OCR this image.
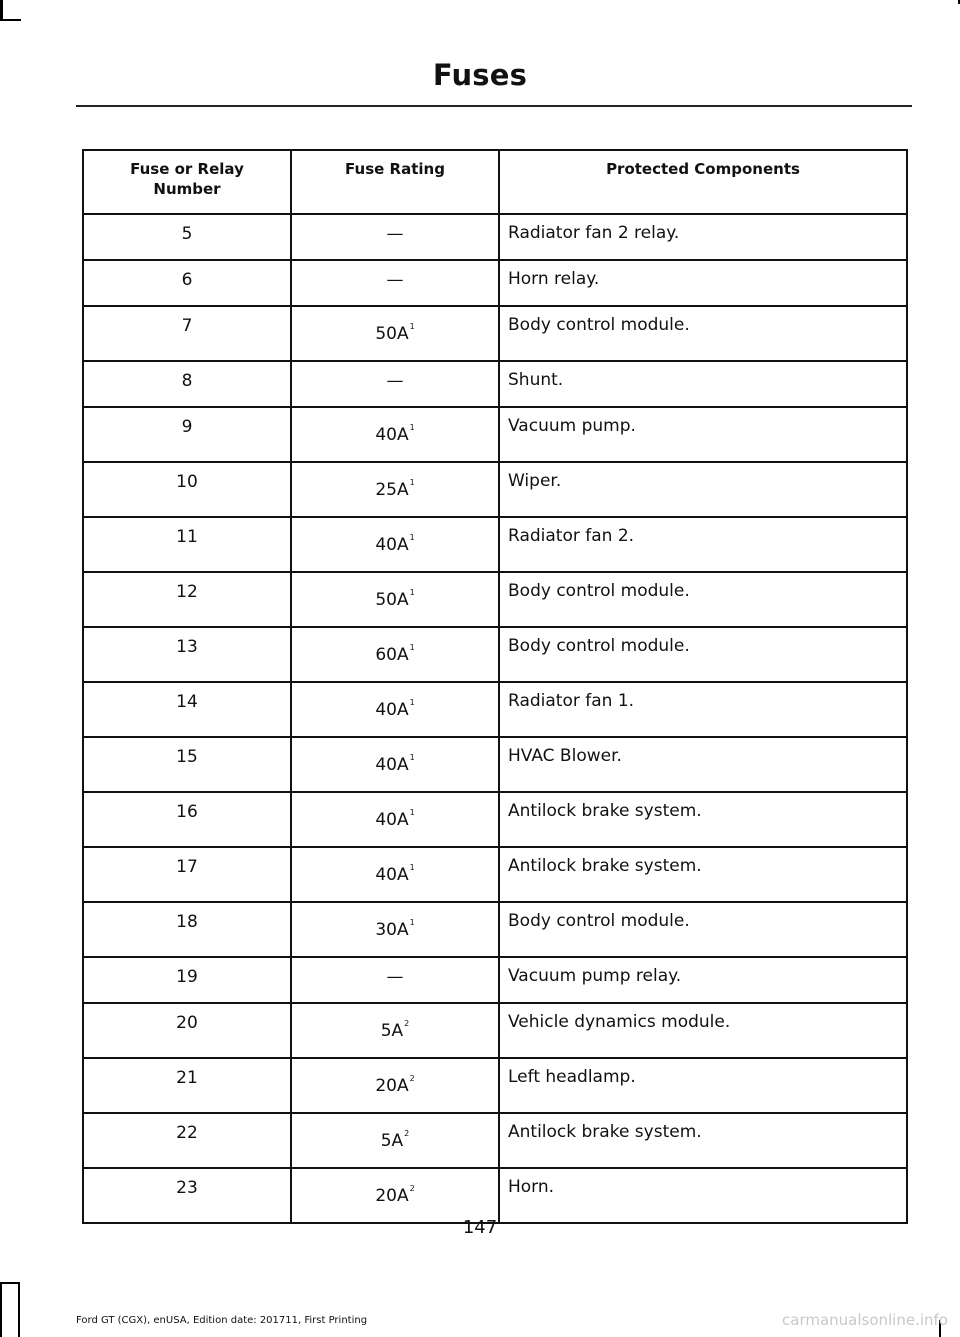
Fuses
Fuse or Relay Number	Fuse Rating	Protected Components
5	—	Radiator fan 2 relay.
6	—	Horn relay.
7	$50A^1$	Body control module.
8	—	Shunt.
9	$40A^1$	Vacuum pump.
10	$25A^1$	Wiper.
11	$40A^1$	Radiator fan 2.
12	$50A^1$	Body control module.
13	$60A^1$	Body control module.
14	$40A^1$	Radiator fan 1.
15	$40A^1$	HVAC Blower.
16	$40A^1$	Antilock brake system.
17	$40A^1$	Antilock brake system.
18	$30A^1$	Body control module.
19	—	Vacuum pump relay.
20	$5A^2$	Vehicle dynamics module.
21	$20A^2$	Left headlamp.
22	$5A^2$	Antilock brake system.
23	$20A^2$	Horn.
147
Ford GT (CGX), enUSA, Edition date: 201711, First Printing	carmanualsonline.info
